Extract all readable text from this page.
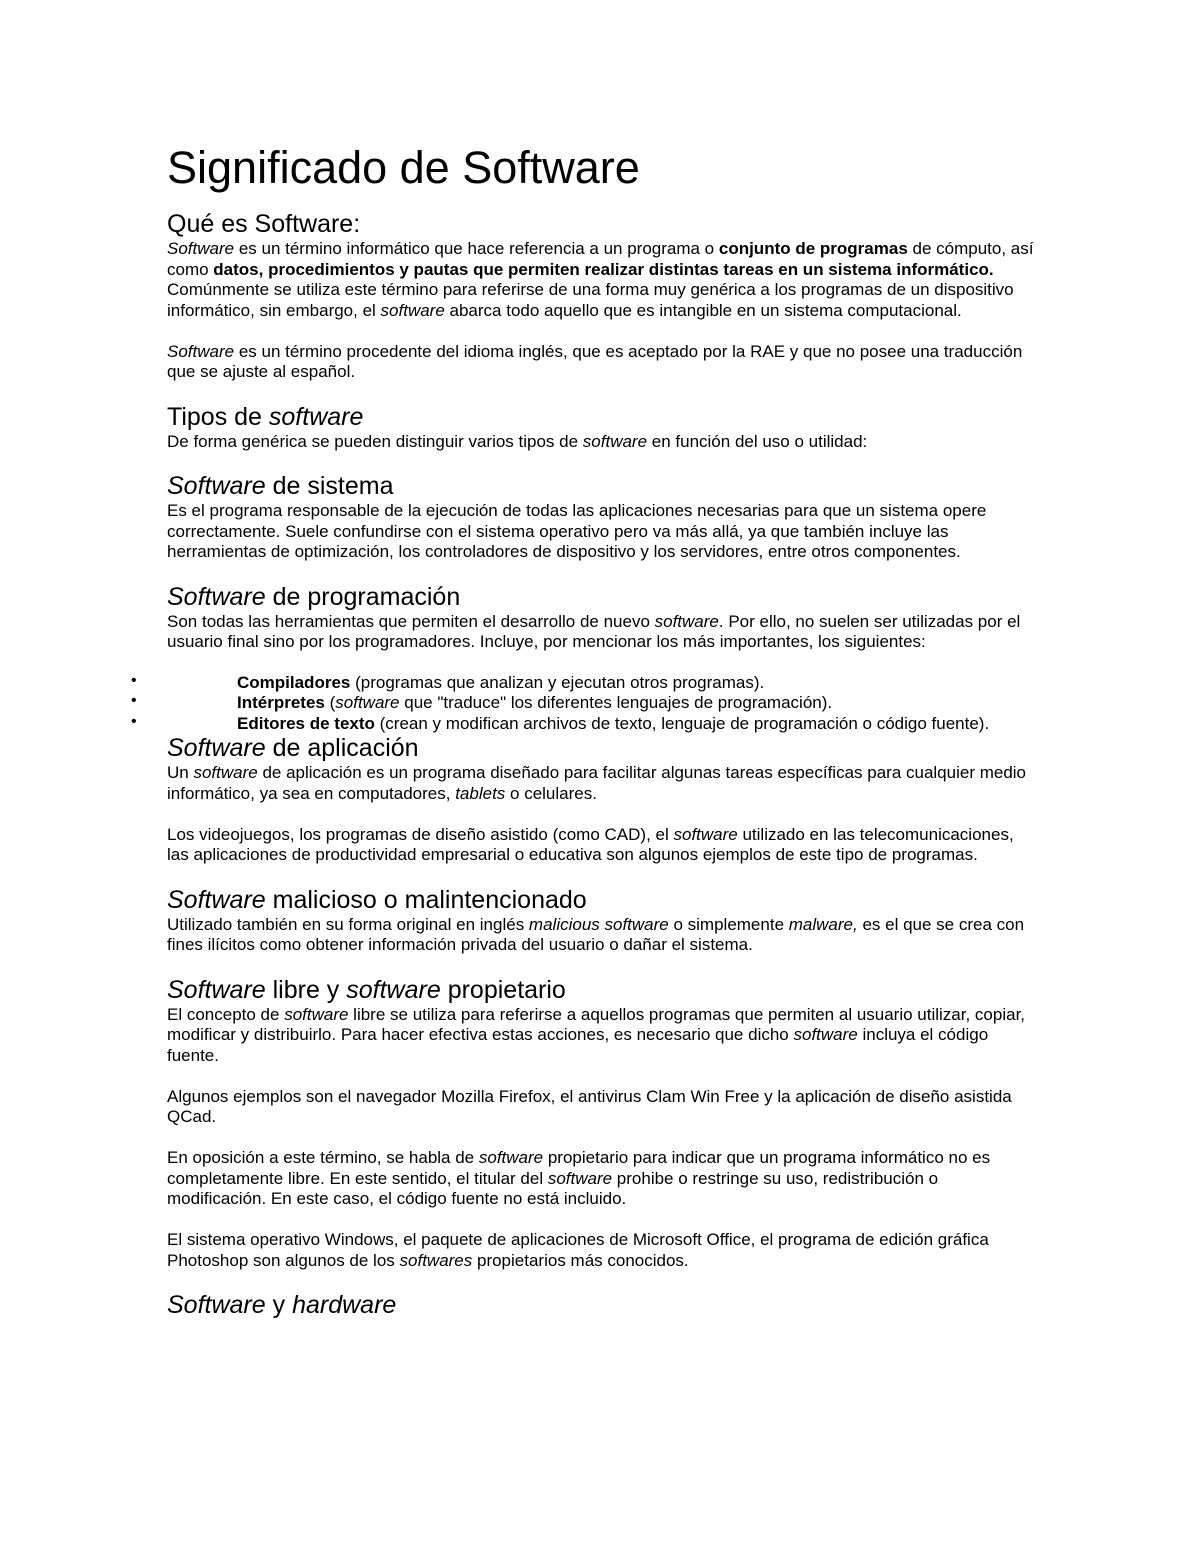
Significado de Software
Qué es Software:

Software es un término informático que hace referencia a un programa o conjunto de programas de cómputo, así como datos, procedimientos y pautas que permiten realizar distintas tareas en un sistema informático.

Comúnmente se utiliza este término para referirse de una forma muy genérica a los programas de un dispositivo informático, sin embargo, el software abarca todo aquello que es intangible en un sistema computacional.

Software es un término procedente del idioma inglés, que es aceptado por la RAE y que no posee una traducción que se ajuste al español.

Tipos de software

De forma genérica se pueden distinguir varios tipos de software en función del uso o utilidad:

Software de sistema

Es el programa responsable de la ejecución de todas las aplicaciones necesarias para que un sistema opere correctamente. Suele confundirse con el sistema operativo pero va más allá, ya que también incluye las herramientas de optimización, los controladores de dispositivo y los servidores, entre otros componentes.

Software de programación

Son todas las herramientas que permiten el desarrollo de nuevo software. Por ello, no suelen ser utilizadas por el usuario final sino por los programadores. Incluye, por mencionar los más importantes, los siguientes:

•	Compiladores (programas que analizan y ejecutan otros programas).
•	Intérpretes (software que "traduce" los diferentes lenguajes de programación).
•	Editores de texto (crean y modifican archivos de texto, lenguaje de programación o código fuente).
Software de aplicación

Un software de aplicación es un programa diseñado para facilitar algunas tareas específicas para cualquier medio informático, ya sea en computadores, tablets o celulares.

Los videojuegos, los programas de diseño asistido (como CAD), el software utilizado en las telecomunicaciones, las aplicaciones de productividad empresarial o educativa son algunos ejemplos de este tipo de programas.

Software malicioso o malintencionado

Utilizado también en su forma original en inglés malicious software o simplemente malware, es el que se crea con fines ilícitos como obtener información privada del usuario o dañar el sistema.

Software libre y software propietario

El concepto de software libre se utiliza para referirse a aquellos programas que permiten al usuario utilizar, copiar, modificar y distribuirlo. Para hacer efectiva estas acciones, es necesario que dicho software incluya el código fuente.

Algunos ejemplos son el navegador Mozilla Firefox, el antivirus Clam Win Free y la aplicación de diseño asistida QCad.

En oposición a este término, se habla de software propietario para indicar que un programa informático no es completamente libre. En este sentido, el titular del software prohibe o restringe su uso, redistribución o modificación. En este caso, el código fuente no está incluido.

El sistema operativo Windows, el paquete de aplicaciones de Microsoft Office, el programa de edición gráfica Photoshop son algunos de los softwares propietarios más conocidos.

Software y hardware
